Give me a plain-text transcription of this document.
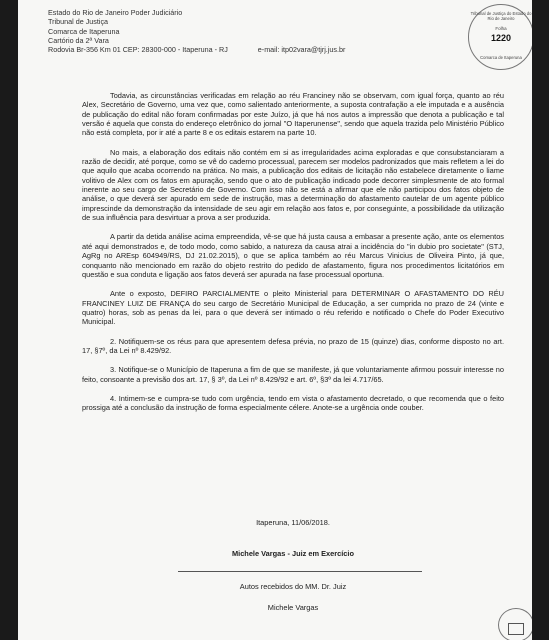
Estado do Rio de Janeiro Poder Judiciário
Tribunal de Justiça
Comarca de Itaperuna
Cartório da 2ª Vara
Rodovia Br-356 Km 01 CEP: 28300-000 - Itaperuna - RJ	e-mail: itp02vara@tjrj.jus.br
Tribunal de Justiça do Estado do Rio de Janeiro
Folha
1220
Comarca de Itaperuna

Todavia, as circunstâncias verificadas em relação ao réu Franciney não se observam, com igual força, quanto ao réu Alex, Secretário de Governo, uma vez que, como salientado anteriormente, a suposta contrafação a ele imputada e a ausência de publicação do edital não foram confirmadas por este Juízo, já que há nos autos a impressão que denota a publicação e tal versão é aquela que consta do endereço eletrônico do jornal "O Itaperunense", sendo que aquela trazida pelo Ministério Público não está completa, por ir até a parte 8 e os editais estarem na parte 10.

No mais, a elaboração dos editais não contém em si as irregularidades acima exploradas e que consubstanciaram a razão de decidir, até porque, como se vê do caderno processual, parecem ser modelos padronizados que mais refletem a lei do que aquilo que acaba ocorrendo na prática. No mais, a publicação dos editais de licitação não estabelece diretamente o liame volitivo de Alex com os fatos em apuração, sendo que o ato de publicação indicado pode decorrer simplesmente de ato formal inerente ao seu cargo de Secretário de Governo. Com isso não se está a afirmar que ele não participou dos fatos objeto de análise, o que deverá ser apurado em sede de instrução, mas a determinação do afastamento cautelar de um agente público imprescinde da demonstração da intensidade de seu agir em relação aos fatos e, por conseguinte, a possibilidade da utilização de sua influência para desvirtuar a prova a ser produzida.

A partir da detida análise acima empreendida, vê-se que há justa causa a embasar a presente ação, ante os elementos até aqui demonstrados e, de todo modo, como sabido, a natureza da causa atrai a incidência do "in dubio pro societate" (STJ, AgRg no AREsp 604949/RS, DJ 21.02.2015), o que se aplica também ao réu Marcus Vinicius de Oliveira Pinto, já que, conquanto não mencionado em razão do objeto restrito do pedido de afastamento, figura nos procedimentos licitatórios em questão e sua conduta e ligação aos fatos deverá ser apurada na fase processual oportuna.

Ante o exposto, DEFIRO PARCIALMENTE o pleito Ministerial para DETERMINAR O AFASTAMENTO DO RÉU FRANCINEY LUIZ DE FRANÇA do seu cargo de Secretário Municipal de Educação, a ser cumprida no prazo de 24 (vinte e quatro) horas, sob as penas da lei, para o que deverá ser intimado o réu referido e notificado o Chefe do Poder Executivo Municipal.

2. Notifiquem-se os réus para que apresentem defesa prévia, no prazo de 15 (quinze) dias, conforme disposto no art. 17, §7º, da Lei nº 8.429/92.

3. Notifique-se o Município de Itaperuna a fim de que se manifeste, já que voluntariamente afirmou possuir interesse no feito, consoante a previsão dos art. 17, § 3º, da Lei nº 8.429/92 e art. 6º, §3º da lei 4.717/65.

4. Intimem-se e cumpra-se tudo com urgência, tendo em vista o afastamento decretado, o que recomenda que o feito prossiga até a conclusão da instrução de forma especialmente célere. Anote-se a urgência onde couber.

Itaperuna, 11/06/2018.
Michele Vargas - Juiz em Exercício
Autos recebidos do MM. Dr. Juiz
Michele Vargas
